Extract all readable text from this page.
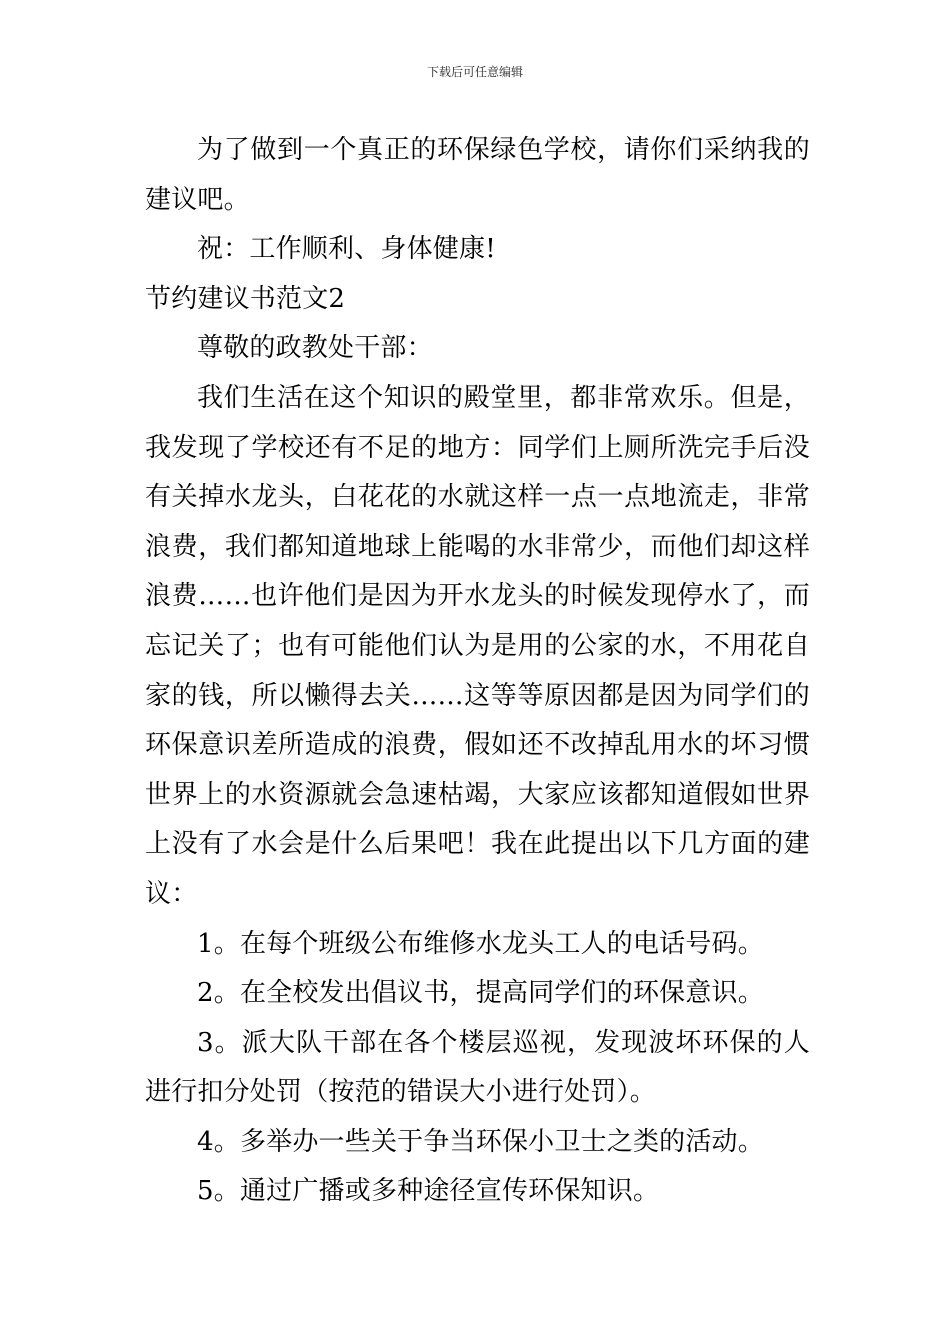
下载后可任意编辑

为了做到一个真正的环保绿色学校，请你们采纳我的建议吧。

祝：工作顺利、身体健康!

节约建议书范文2

尊敬的政教处干部：

我们生活在这个知识的殿堂里，都非常欢乐。但是，我发现了学校还有不足的地方：同学们上厕所洗完手后没有关掉水龙头，白花花的水就这样一点一点地流走，非常浪费，我们都知道地球上能喝的水非常少，而他们却这样浪费……也许他们是因为开水龙头的时候发现停水了，而忘记关了；也有可能他们认为是用的公家的水，不用花自家的钱，所以懒得去关……这等等原因都是因为同学们的环保意识差所造成的浪费，假如还不改掉乱用水的坏习惯世界上的水资源就会急速枯竭，大家应该都知道假如世界上没有了水会是什么后果吧！我在此提出以下几方面的建议：

1。在每个班级公布维修水龙头工人的电话号码。

2。在全校发出倡议书，提高同学们的环保意识。

3。派大队干部在各个楼层巡视，发现波坏环保的人进行扣分处罚（按范的错误大小进行处罚）。

4。多举办一些关于争当环保小卫士之类的活动。

5。通过广播或多种途径宣传环保知识。
